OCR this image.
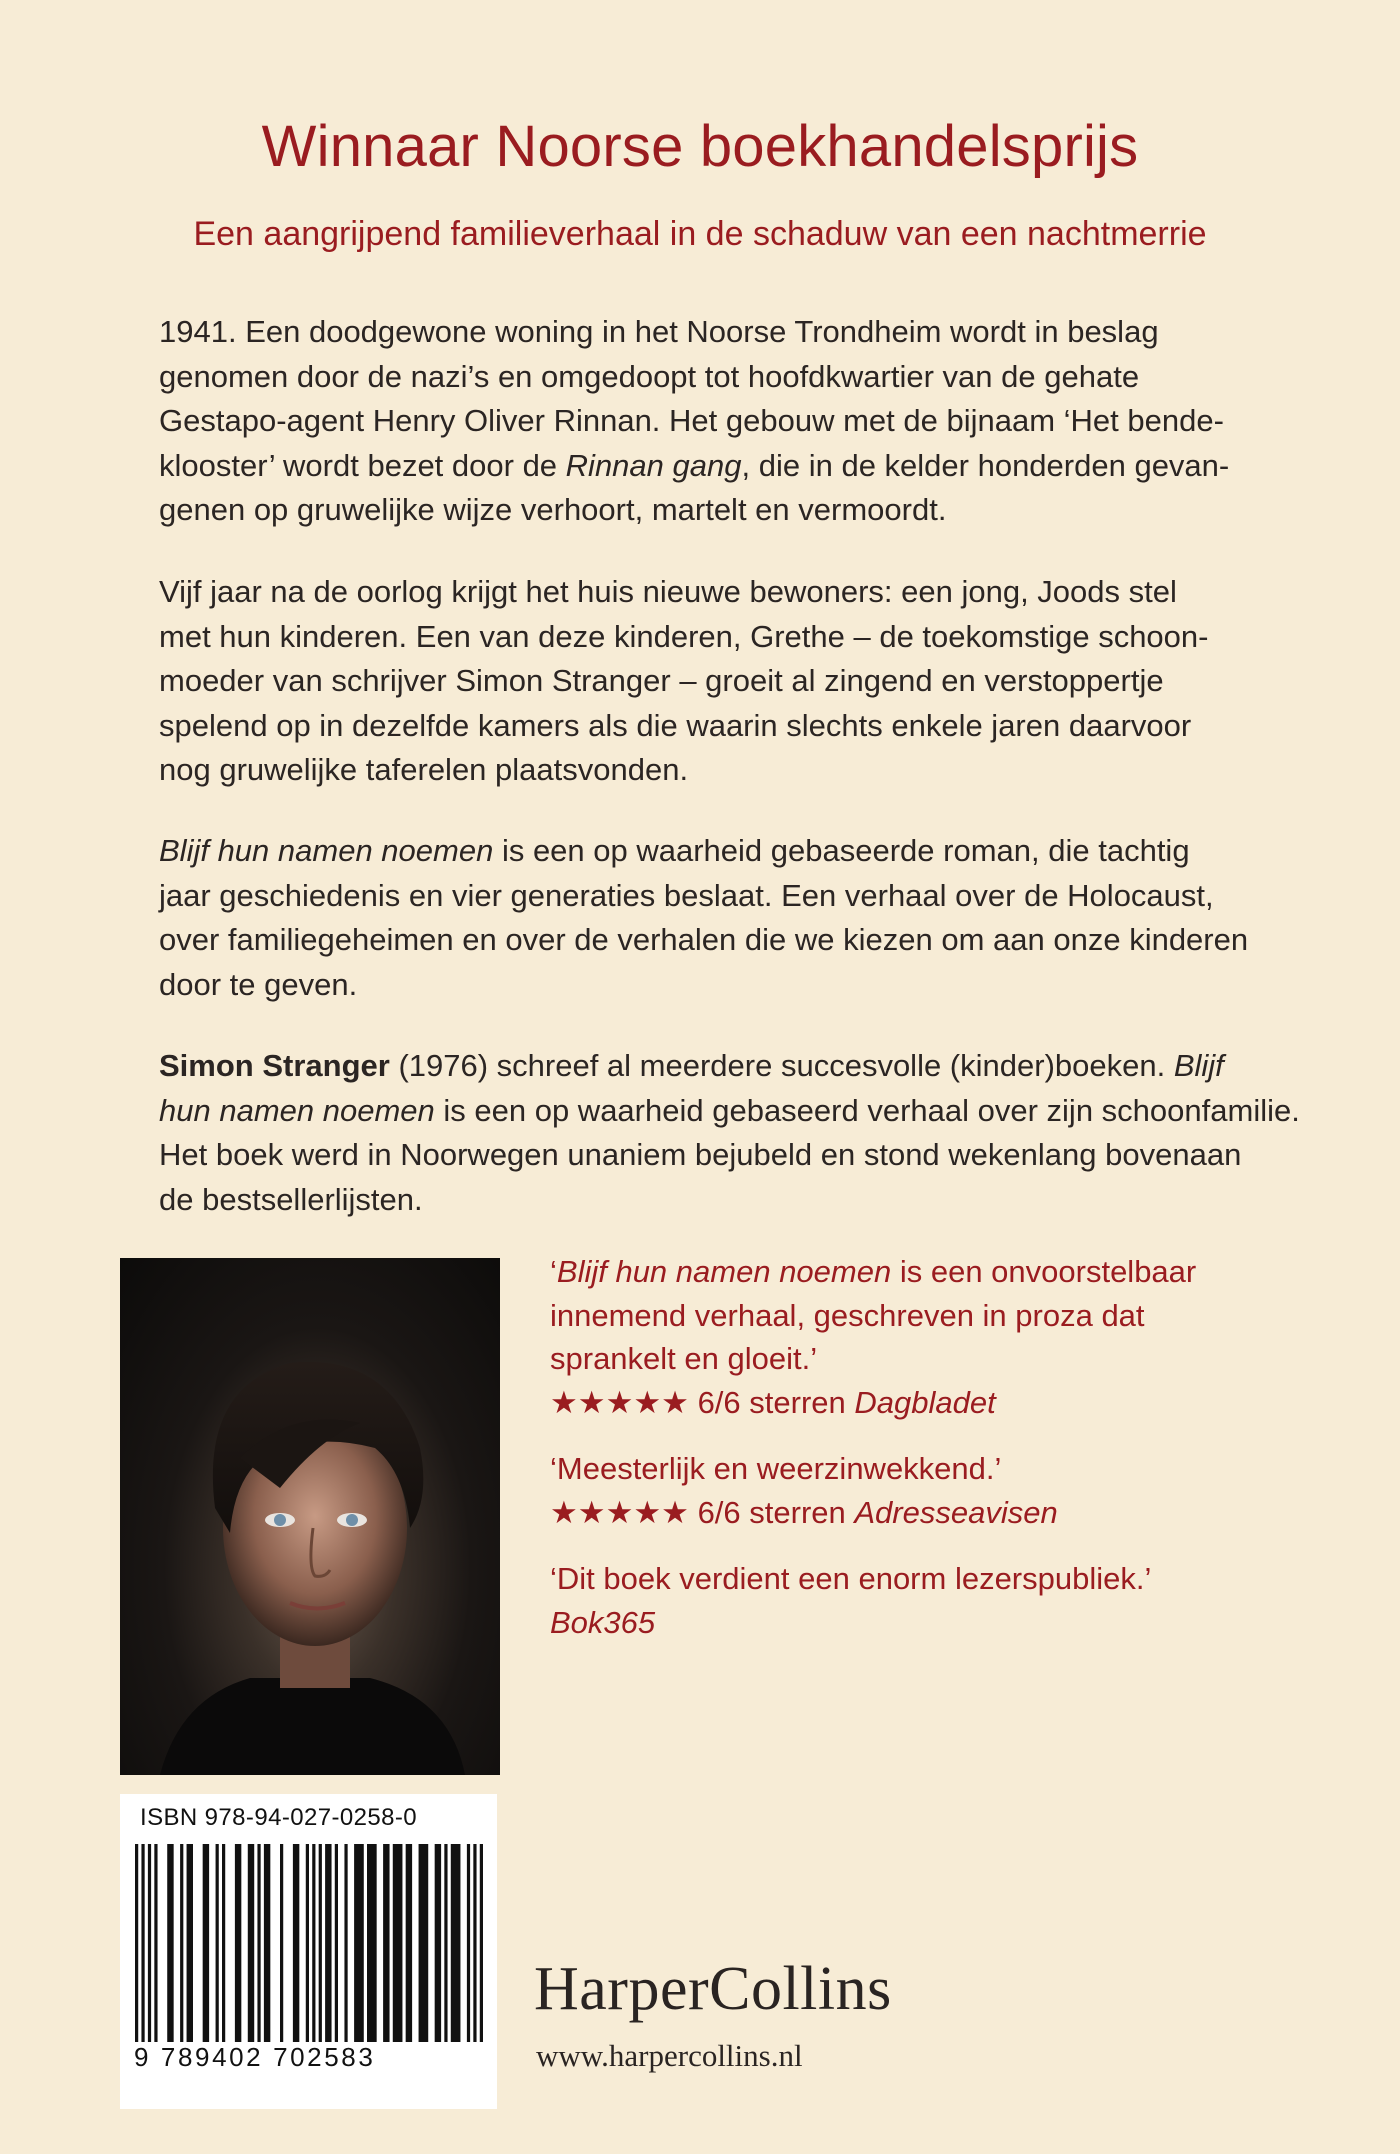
Winnaar Noorse boekhandelsprijs
Een aangrijpend familieverhaal in de schaduw van een nachtmerrie

1941. Een doodgewone woning in het Noorse Trondheim wordt in beslag
genomen door de nazi’s en omgedoopt tot hoofdkwartier van de gehate
Gestapo-agent Henry Oliver Rinnan. Het gebouw met de bijnaam ‘Het bende-
klooster’ wordt bezet door de Rinnan gang, die in de kelder honderden gevan-
genen op gruwelijke wijze verhoort, martelt en vermoordt.

Vijf jaar na de oorlog krijgt het huis nieuwe bewoners: een jong, Joods stel
met hun kinderen. Een van deze kinderen, Grethe – de toekomstige schoon-
moeder van schrijver Simon Stranger – groeit al zingend en verstoppertje
spelend op in dezelfde kamers als die waarin slechts enkele jaren daarvoor
nog gruwelijke taferelen plaatsvonden.

Blijf hun namen noemen is een op waarheid gebaseerde roman, die tachtig
jaar geschiedenis en vier generaties beslaat. Een verhaal over de Holocaust,
over familiegeheimen en over de verhalen die we kiezen om aan onze kinderen
door te geven.

Simon Stranger (1976) schreef al meerdere succesvolle (kinder)boeken. Blijf
hun namen noemen is een op waarheid gebaseerd verhaal over zijn schoonfamilie.
Het boek werd in Noorwegen unaniem bejubeld en stond wekenlang bovenaan
de bestsellerlijsten.

‘Blijf hun namen noemen is een onvoorstelbaar
innemend verhaal, geschreven in proza dat
sprankelt en gloeit.’
★★★★★ 6/6 sterren Dagbladet
‘Meesterlijk en weerzinwekkend.’
★★★★★ 6/6 sterren Adresseavisen
‘Dit boek verdient een enorm lezerspubliek.’
Bok365
ISBN 978-94-027-0258-0
9 789402 702583
HarperCollins
www.harpercollins.nl
